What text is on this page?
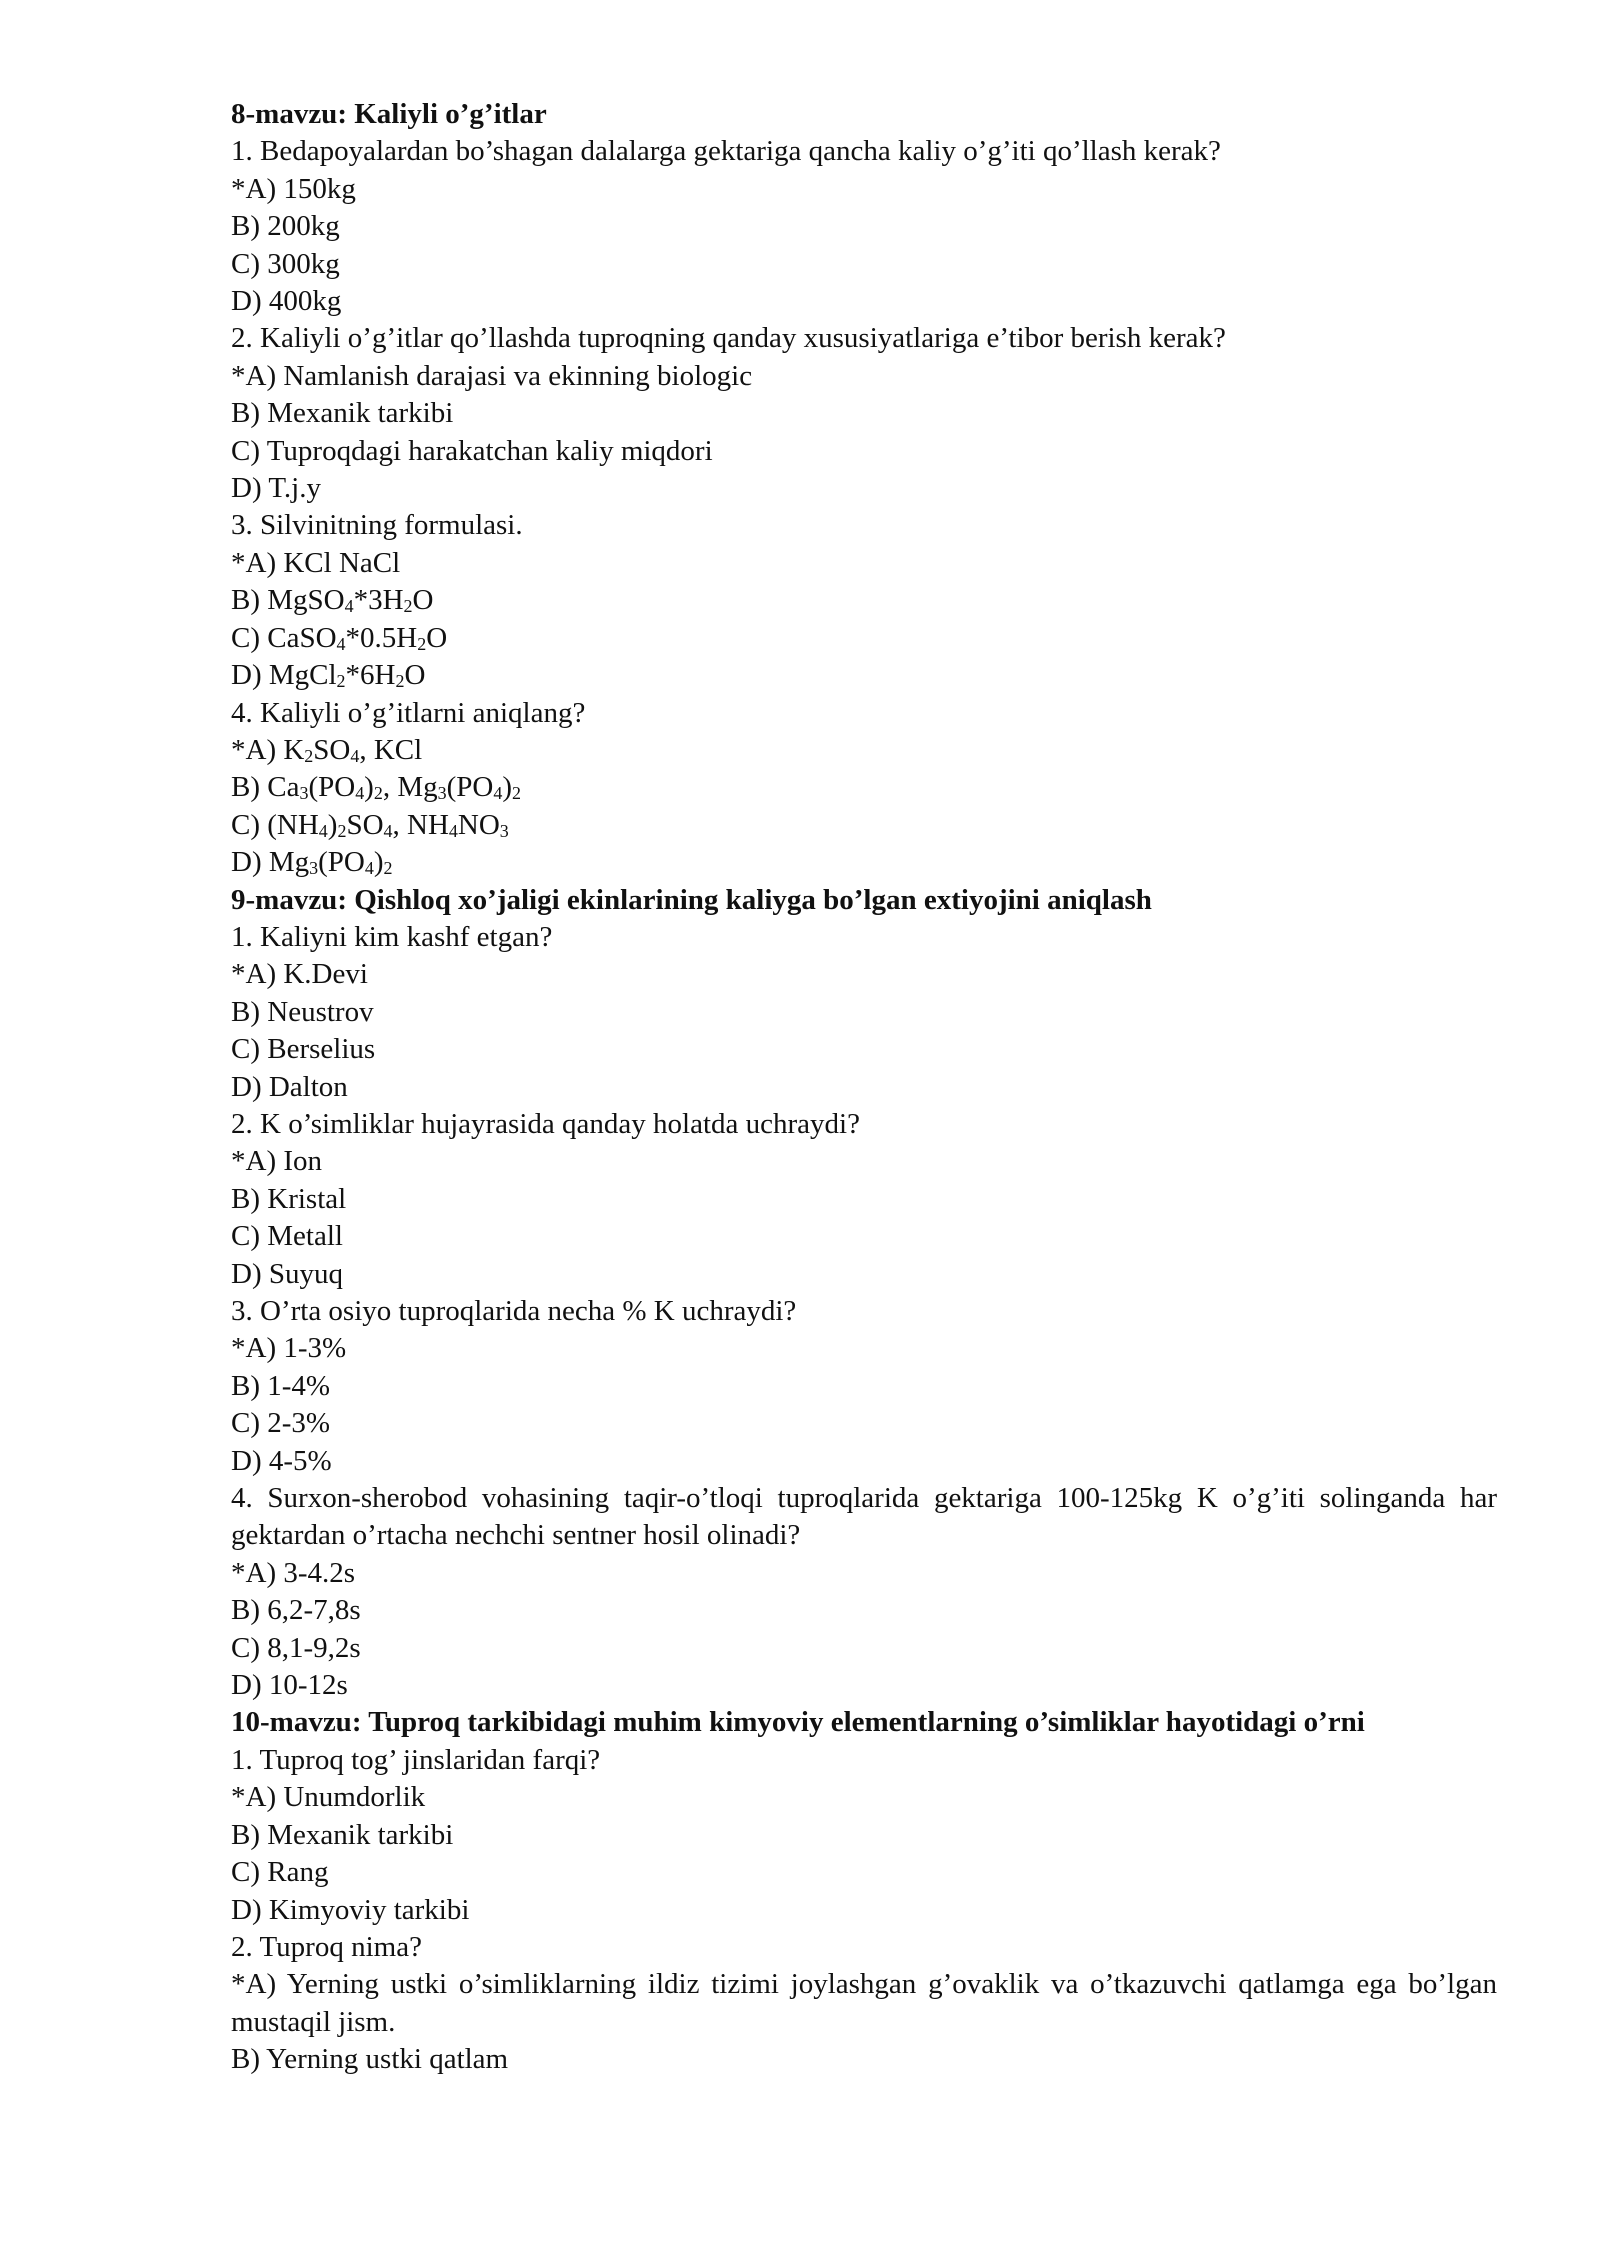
8-mavzu: Kaliyli o’g’itlar
1. Bedapoyalardan bo’shagan dalalarga gektariga qancha kaliy o’g’iti qo’llash kerak?
*A) 150kg
B) 200kg
C) 300kg
D) 400kg
2. Kaliyli o’g’itlar qo’llashda tuproqning qanday xususiyatlariga e’tibor berish kerak?
*A) Namlanish darajasi va ekinning biologic
B) Mexanik tarkibi
C) Tuproqdagi harakatchan kaliy miqdori
D) T.j.y
3. Silvinitning formulasi.
*A) KCl NaCl
B) $MgSO_4*3H_2O$
C) $CaSO_4*0.5H_2O$
D) $MgCl_2*6H_2O$
4. Kaliyli o’g’itlarni aniqlang?
*A) $K_2SO_4$, KCl
B) $Ca_3(PO_4)_2$, $Mg_3(PO_4)_2$
C) $(NH_4)_2SO_4$, $NH_4NO_3$
D) $Mg_3(PO_4)_2$
9-mavzu: Qishloq xo’jaligi ekinlarining kaliyga bo’lgan extiyojini aniqlash
1. Kaliyni kim kashf etgan?
*A) K.Devi
B) Neustrov
C) Berselius
D) Dalton
2. K o’simliklar hujayrasida qanday holatda uchraydi?
*A) Ion
B) Kristal
C) Metall
D) Suyuq
3. O’rta osiyo tuproqlarida necha % K uchraydi?
*A) 1-3%
B) 1-4%
C) 2-3%
D) 4-5%
4. Surxon-sherobod vohasining taqir-o’tloqi tuproqlarida gektariga 100-125kg K o’g’iti solinganda har gektardan o’rtacha nechchi sentner hosil olinadi?
*A) 3-4.2s
B) 6,2-7,8s
C) 8,1-9,2s
D) 10-12s
10-mavzu: Tuproq tarkibidagi muhim kimyoviy elementlarning o’simliklar hayotidagi o’rni
1. Tuproq tog’ jinslaridan farqi?
*A) Unumdorlik
B) Mexanik tarkibi
C) Rang
D) Kimyoviy tarkibi
2. Tuproq nima?
*A) Yerning ustki o’simliklarning ildiz tizimi joylashgan g’ovaklik va o’tkazuvchi qatlamga ega bo’lgan mustaqil jism.
B) Yerning ustki qatlam
